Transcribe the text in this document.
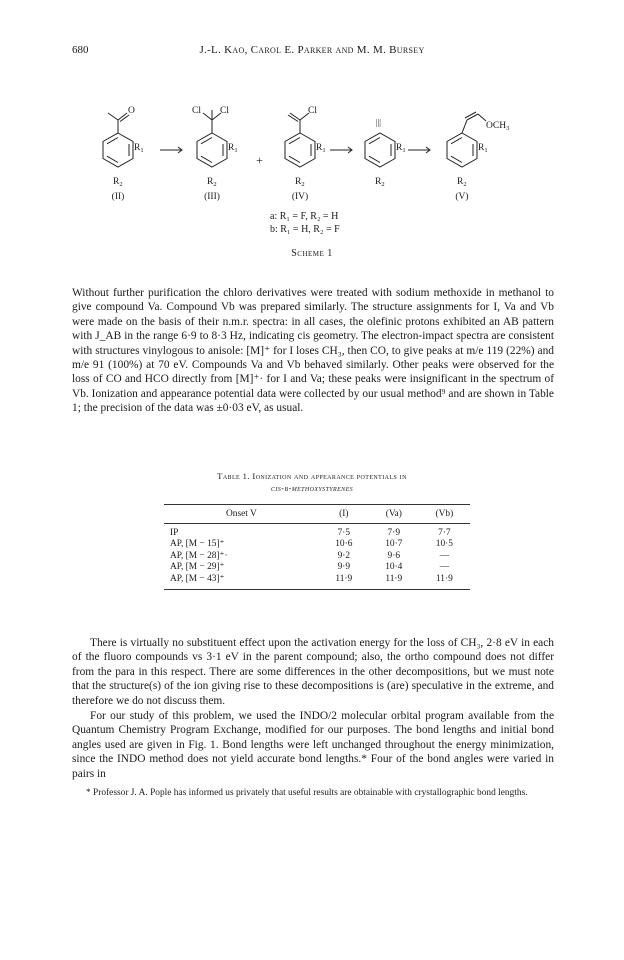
680	J.-L. Kao, Carol E. Parker and M. M. Bursey
O
$R_1$
$R_2$
Cl Cl
$R_1$
$R_2$
+
Cl
$R_1$
$R_2$
|||
$R_1$
$R_2$
$OCH_3$
$R_1$
$R_2$
(II)	(III)	(IV)	(V)
a: R₁ = F, R₂ = H
b: R₁ = H, R₂ = F
Scheme 1
Without further purification the chloro derivatives were treated with sodium methoxide in methanol to give compound Va. Compound Vb was prepared similarly. The structure assignments for I, Va and Vb were made on the basis of their n.m.r. spectra: in all cases, the olefinic protons exhibited an AB pattern with J_AB in the range 6·9 to 8·3 Hz, indicating cis geometry. The electron-impact spectra are consistent with structures vinylogous to anisole: [M]⁺ for I loses CH₃, then CO, to give peaks at m/e 119 (22%) and m/e 91 (100%) at 70 eV. Compounds Va and Vb behaved similarly. Other peaks were observed for the loss of CO and HCO directly from [M]⁺· for I and Va; these peaks were insignificant in the spectrum of Vb. Ionization and appearance potential data were collected by our usual method⁹ and are shown in Table 1; the precision of the data was ±0·03 eV, as usual.
Table 1. Ionization and appearance potentials in
cis-β-methoxystyrenes
Onset V	(I)	(Va)	(Vb)
IP	7·5	7·9	7·7
AP, [M − 15]⁺	10·6	10·7	10·5
AP, [M − 28]⁺·	9·2	9·6	—
AP, [M − 29]⁺	9·9	10·4	—
AP, [M − 43]⁺	11·9	11·9	11·9
There is virtually no substituent effect upon the activation energy for the loss of CH₃, 2·8 eV in each of the fluoro compounds vs 3·1 eV in the parent compound; also, the ortho compound does not differ from the para in this respect. There are some differences in the other decompositions, but we must note that the structure(s) of the ion giving rise to these decompositions is (are) speculative in the extreme, and therefore we do not discuss them.
For our study of this problem, we used the INDO/2 molecular orbital program available from the Quantum Chemistry Program Exchange, modified for our purposes. The bond lengths and initial bond angles used are given in Fig. 1. Bond lengths were left unchanged throughout the energy minimization, since the INDO method does not yield accurate bond lengths.* Four of the bond angles were varied in pairs in
* Professor J. A. Pople has informed us privately that useful results are obtainable with crystallographic bond lengths.
